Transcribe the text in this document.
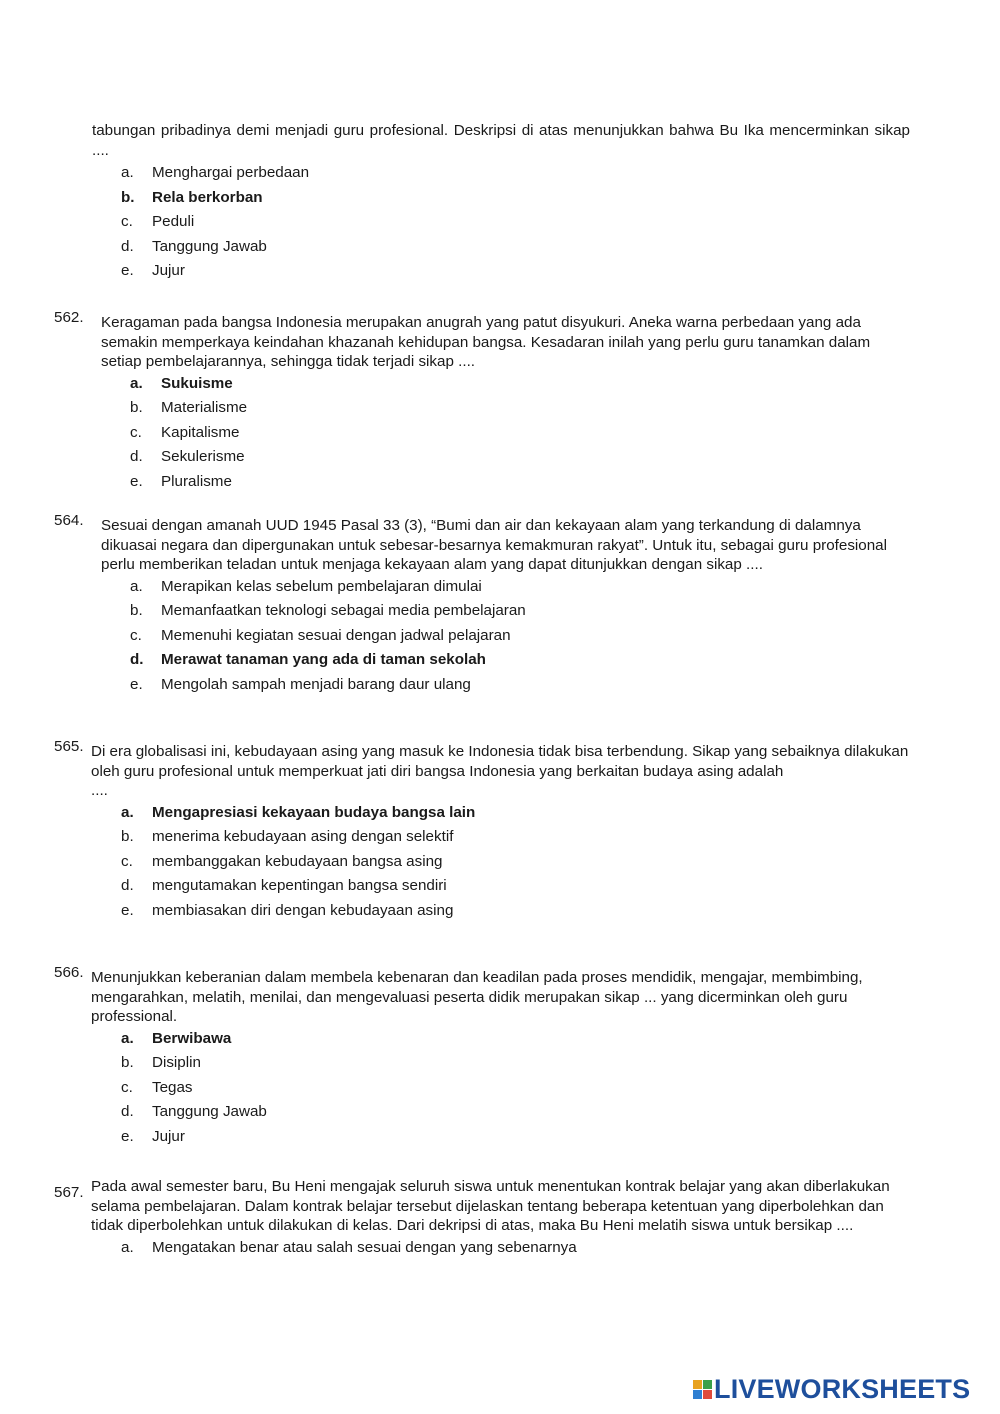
tabungan pribadinya demi menjadi guru profesional. Deskripsi di atas menunjukkan bahwa Bu Ika mencerminkan sikap ....
a.	Menghargai perbedaan
b.	Rela berkorban
c.	Peduli
d.	Tanggung Jawab
e.	Jujur
562. Keragaman pada bangsa Indonesia merupakan anugrah yang patut disyukuri. Aneka warna perbedaan yang ada semakin memperkaya keindahan khazanah kehidupan bangsa. Kesadaran inilah yang perlu guru tanamkan dalam setiap pembelajarannya, sehingga tidak terjadi sikap ....
a.	Sukuisme
b.	Materialisme
c.	Kapitalisme
d.	Sekulerisme
e.	Pluralisme
564. Sesuai dengan amanah UUD 1945 Pasal 33 (3), “Bumi dan air dan kekayaan alam yang terkandung di dalamnya dikuasai negara dan dipergunakan untuk sebesar-besarnya kemakmuran rakyat”. Untuk itu, sebagai guru profesional perlu memberikan teladan untuk menjaga kekayaan alam yang dapat ditunjukkan dengan sikap ....
a.	Merapikan kelas sebelum pembelajaran dimulai
b.	Memanfaatkan teknologi sebagai media pembelajaran
c.	Memenuhi kegiatan sesuai dengan jadwal pelajaran
d.	Merawat tanaman yang ada di taman sekolah
e.	Mengolah sampah menjadi barang daur ulang
565. Di era globalisasi ini, kebudayaan asing yang masuk ke Indonesia tidak bisa terbendung. Sikap yang sebaiknya dilakukan oleh guru profesional untuk memperkuat jati diri bangsa Indonesia yang berkaitan budaya asing adalah
....
a.	Mengapresiasi kekayaan budaya bangsa lain
b.	menerima kebudayaan asing dengan selektif
c.	membanggakan kebudayaan bangsa asing
d.	mengutamakan kepentingan bangsa sendiri
e.	membiasakan diri dengan kebudayaan asing
566. Menunjukkan keberanian dalam membela kebenaran dan keadilan pada proses mendidik, mengajar, membimbing, mengarahkan, melatih, menilai, dan mengevaluasi peserta didik merupakan sikap ... yang dicerminkan oleh guru professional.
a.	Berwibawa
b.	Disiplin
c.	Tegas
d.	Tanggung Jawab
e.	Jujur
567. Pada awal semester baru, Bu Heni mengajak seluruh siswa untuk menentukan kontrak belajar yang akan diberlakukan selama pembelajaran. Dalam kontrak belajar tersebut dijelaskan tentang beberapa ketentuan yang diperbolehkan dan tidak diperbolehkan untuk dilakukan di kelas. Dari dekripsi di atas, maka Bu Heni melatih siswa untuk bersikap ....
a.	Mengatakan benar atau salah sesuai dengan yang sebenarnya
LIVEWORKSHEETS
